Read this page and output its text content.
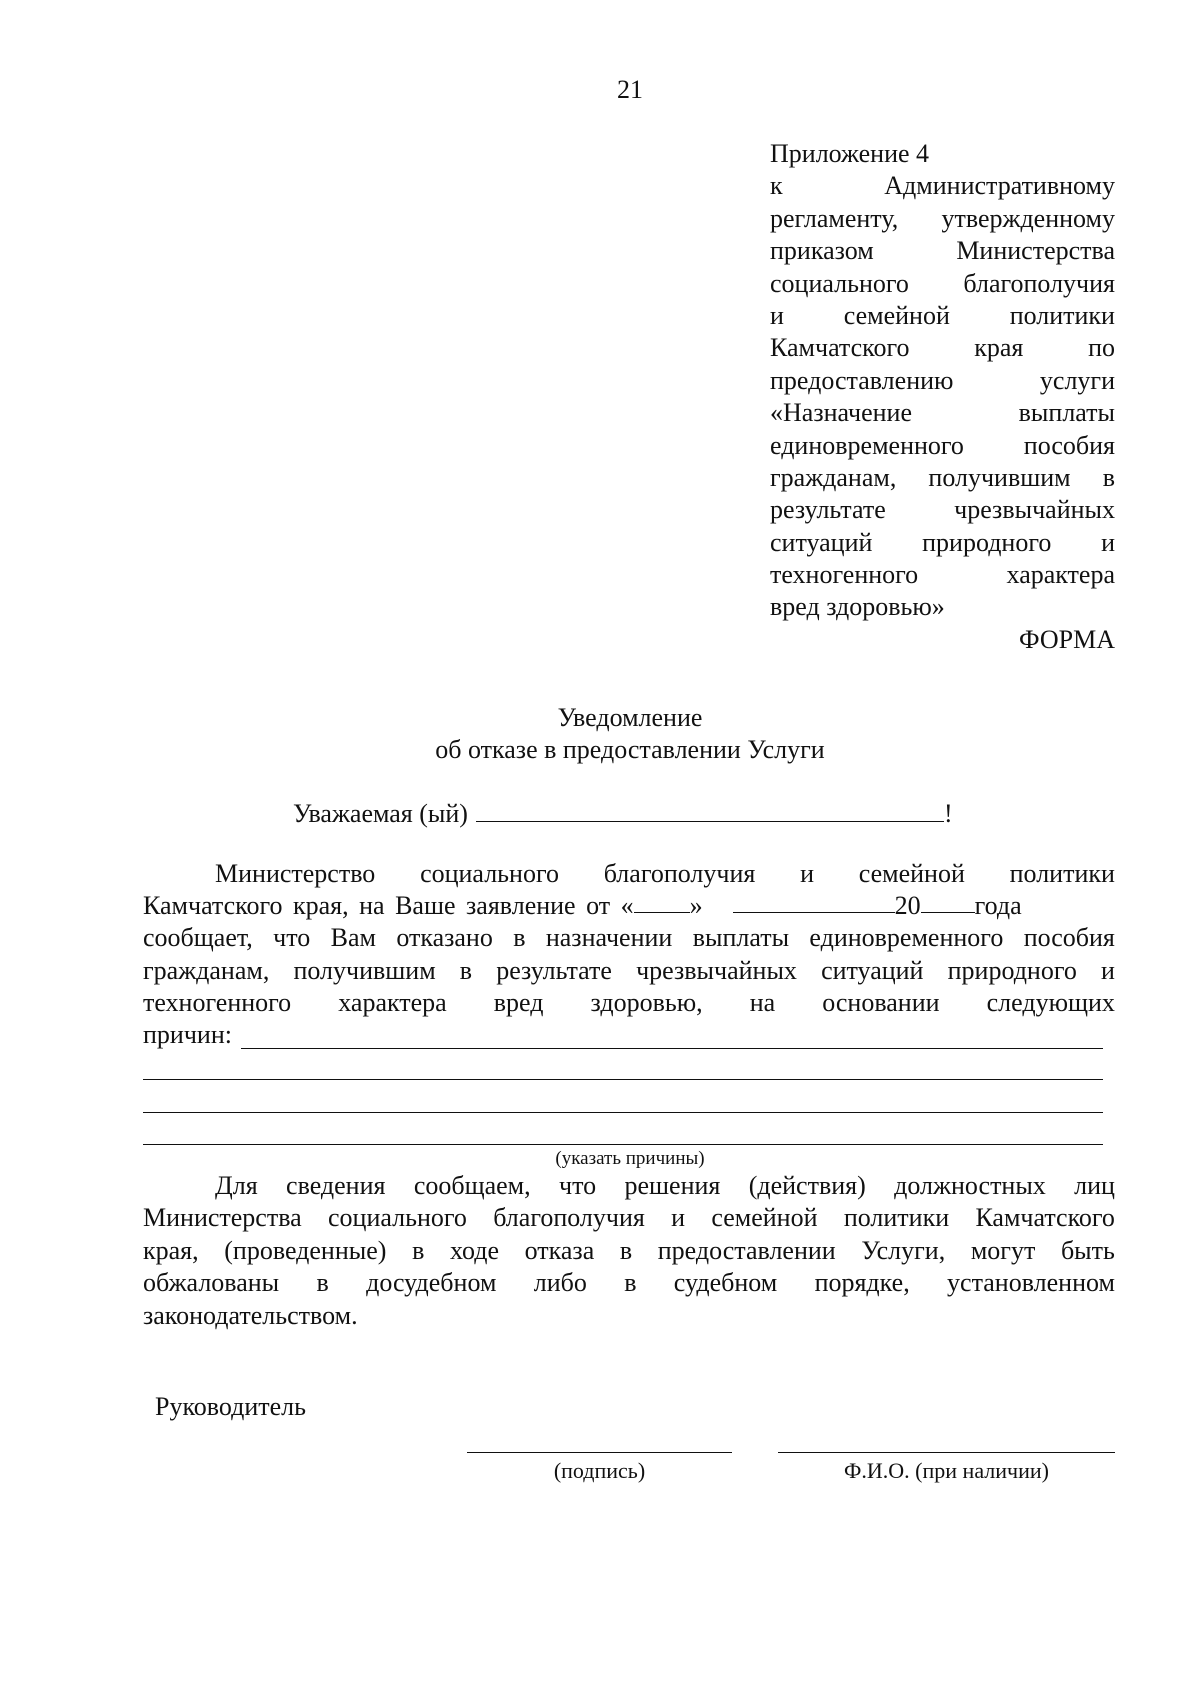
21
Приложение 4
к	Административному
регламенту, утвержденному
приказом	Министерства
социального благополучия
и семейной политики
Камчатского края по
предоставлению	услуги
«Назначение	выплаты
единовременного пособия
гражданам, получившим в
результате	чрезвычайных
ситуаций природного и
техногенного	характера
вред здоровью»
ФОРМА
Уведомление
об отказе в предоставлении Услуги
Уважаемая (ый)	!
Министерство социального благополучия и семейной политики
Камчатского края, на Ваше заявление от « »	20 года
сообщает, что Вам отказано в назначении выплаты единовременного пособия
гражданам, получившим в результате чрезвычайных ситуаций природного и
техногенного характера вред здоровью, на основании следующих
причин:
(указать причины)
Для сведения сообщаем, что решения (действия) должностных лиц
Министерства социального благополучия и семейной политики Камчатского
края, (проведенные) в ходе отказа в предоставлении Услуги, могут быть
обжалованы в досудебном либо в судебном порядке, установленном
законодательством.
Руководитель
(подпись)	Ф.И.О. (при наличии)
